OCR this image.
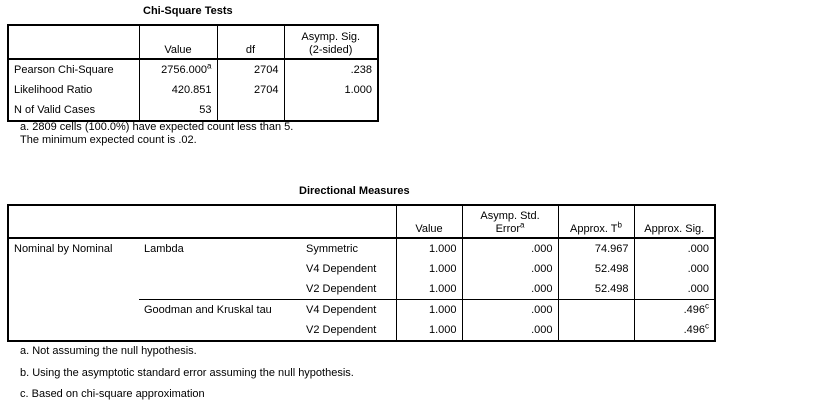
Chi-Square Tests
	Value	df	Asymp. Sig.
(2-sided)

Pearson Chi-Square	2756.000$^a$	2704	.238
Likelihood Ratio	420.851	2704	1.000
N of Valid Cases	53		
a. 2809 cells (100.0%) have expected count less than 5.
The minimum expected count is .02.
Directional Measures
			Value	Asymp. Std.
Error$^a$	Approx. $T^b$	Approx. Sig.
Nominal by Nominal	Lambda	Symmetric	1.000	.000	74.967	.000
		V4 Dependent	1.000	.000	52.498	.000
		V2 Dependent	1.000	.000	52.498	.000
	Goodman and Kruskal tau	V4 Dependent	1.000	.000		.496$^c$
		V2 Dependent	1.000	.000		.496$^c$
a. Not assuming the null hypothesis.
b. Using the asymptotic standard error assuming the null hypothesis.
c. Based on chi-square approximation
